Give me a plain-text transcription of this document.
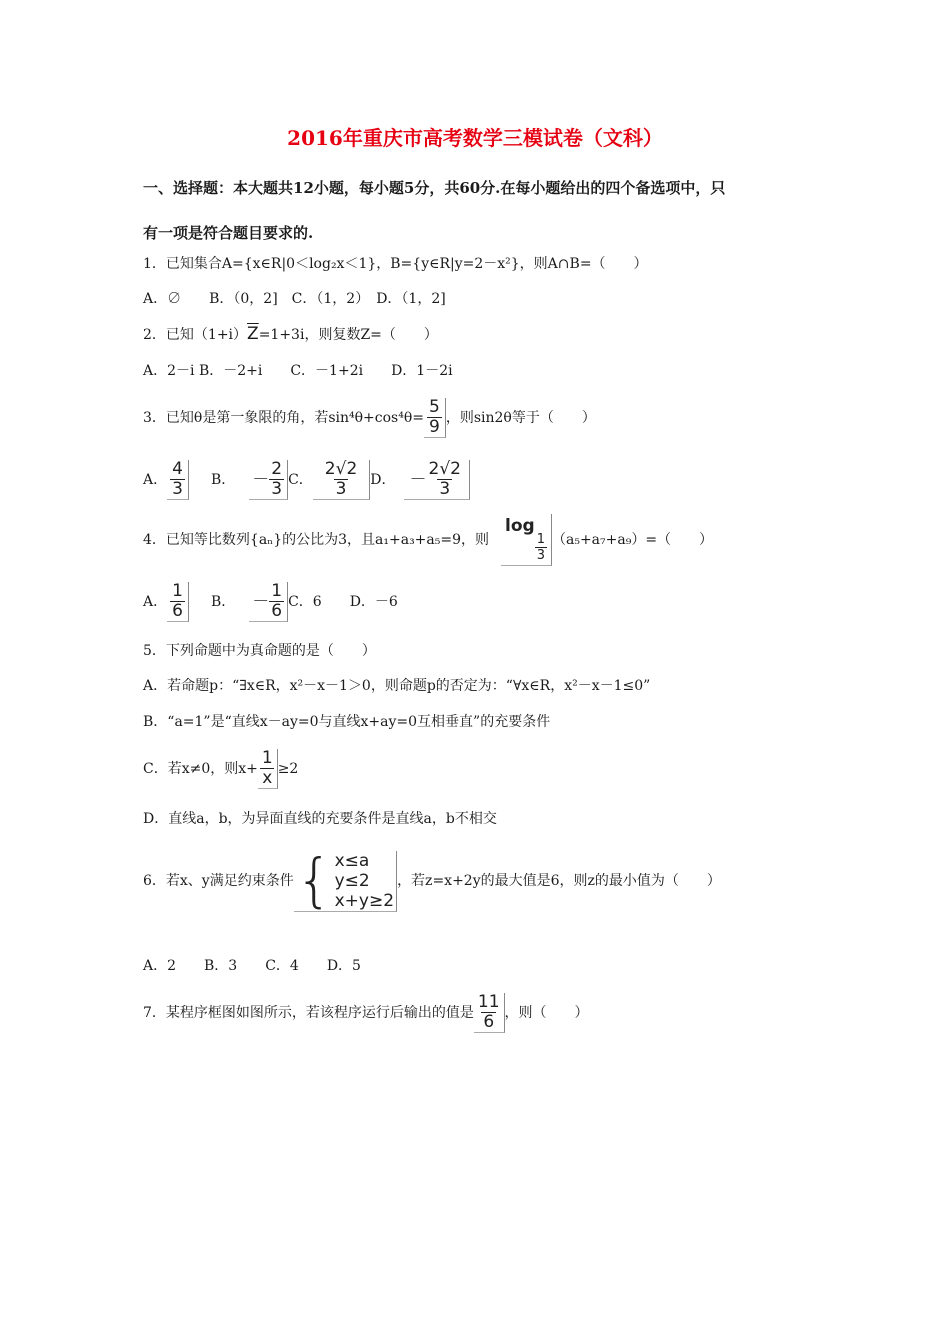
2016年重庆市高考数学三模试卷（文科）
一、选择题：本大题共12小题，每小题5分，共60分.在每小题给出的四个备选项中，只
有一项是符合题目要求的.
1．已知集合A={x∈R|0＜log₂x＜1}，B={y∈R|y=2－x²}，则A∩B=（　　）
A．∅　　B．（0，2]　C．（1，2）　D．（1，2]
2．已知$(1+i)\overline{Z}=1+3i$，则复数Z=（　　）
A．2－i B．－2+i　　C．－1+2i　　D．1－2i
3．已知θ是第一象限的角，若$\sin^4\theta+\cos^4\theta= \frac{5}{9}$ ，则sin2θ等于（　　）
A． $\frac{4}{3}$ B． － $\frac{2}{3}$ C． $\frac{2√2}{3}$ D． － $\frac{2√2}{3}$
4．已知等比数列{aₙ}的公比为3，且a₁+a₃+a₅=9，则
log
$\frac{1}{3} (a_5+a_7+a_9)=$（　　）
A． $\frac{1}{6}$ B． － $\frac{1}{6}$ C．6　　D．－6
5．下列命题中为真命题的是（　　）
A．若命题p：“∃x∈R，x²－x－1＞0，则命题p的否定为：“∀x∈R，x²－x－1≤0”
B．“a=1”是“直线x－ay=0与直线x+ay=0互相垂直”的充要条件
C．若x≠0，则$x+ \frac{1}{x} \ge 2$
D．直线a，b，为异面直线的充要条件是直线a，b不相交
6．若x、y满足约束条件 { x≤a
y≤2
x+y≥2
，若z=x+2y的最大值是6，则z的最小值为（　　）
A．2　　B．3　　C．4　　D．5
7．某程序框图如图所示，若该程序运行后输出的值是 $\frac{11}{6}$ ，则（　　）
